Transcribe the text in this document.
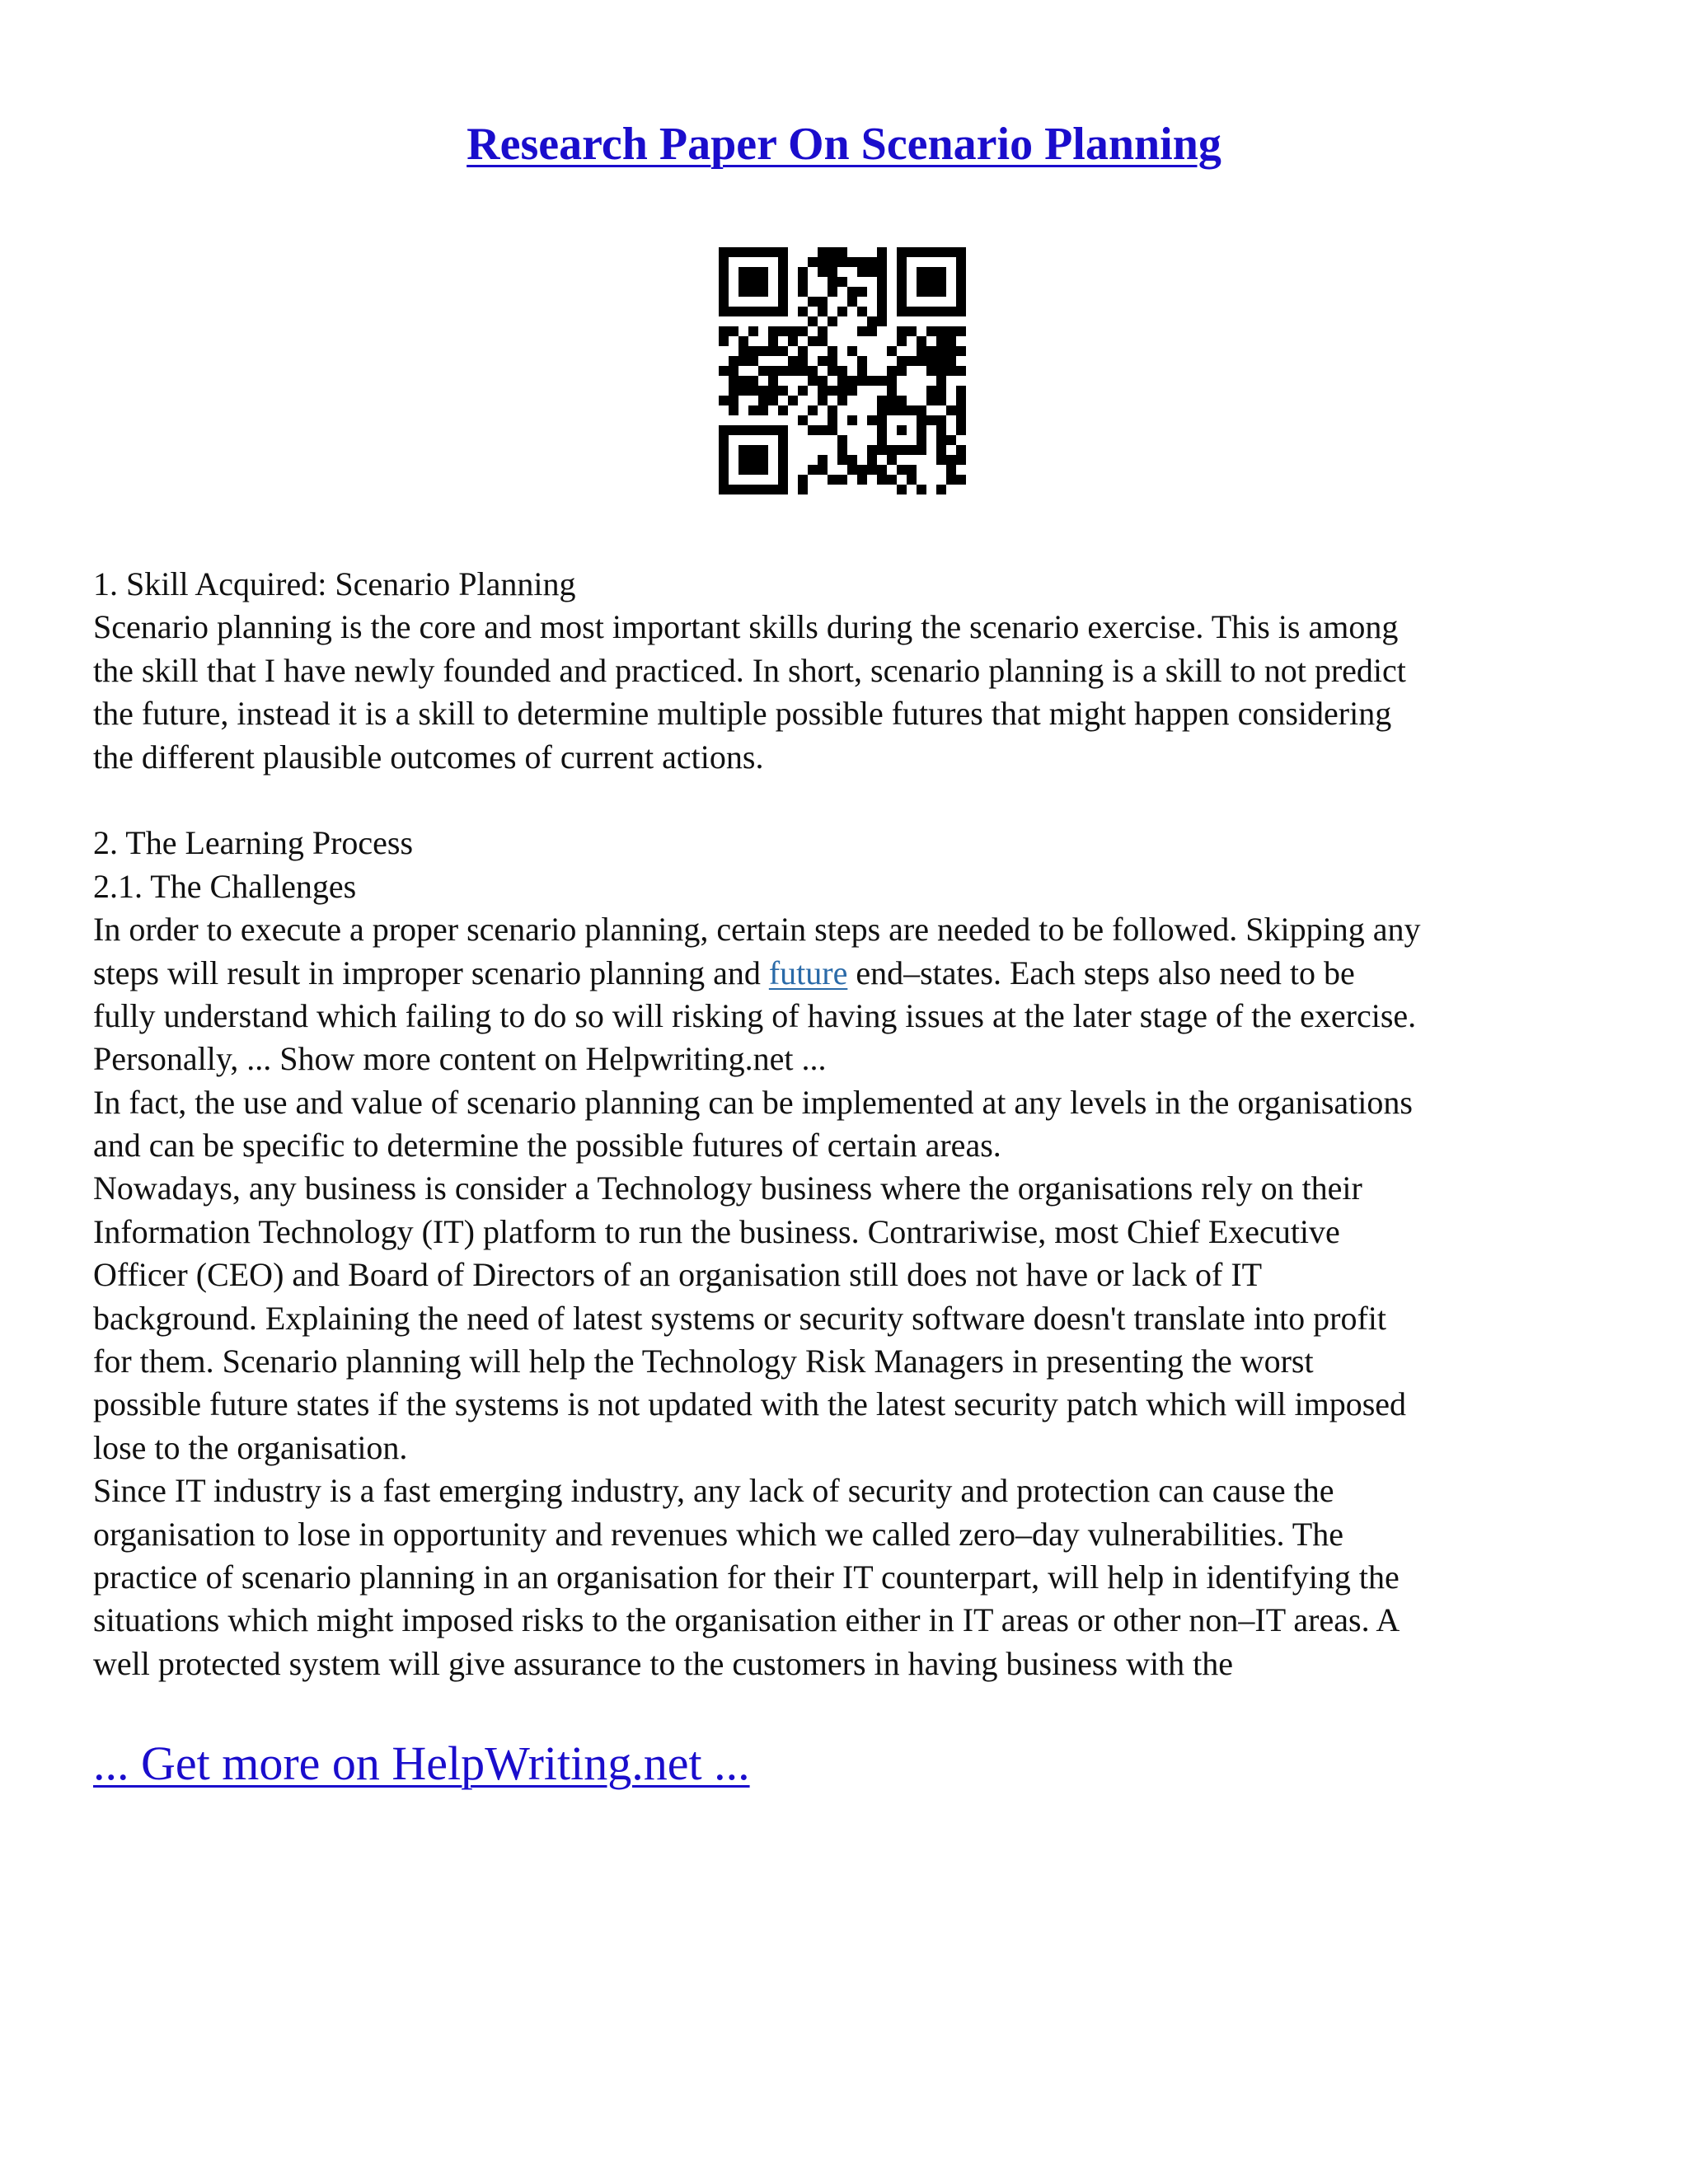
Research Paper On Scenario Planning
1. Skill Acquired: Scenario Planning
Scenario planning is the core and most important skills during the scenario exercise. This is among
the skill that I have newly founded and practiced. In short, scenario planning is a skill to not predict
the future, instead it is a skill to determine multiple possible futures that might happen considering
the different plausible outcomes of current actions.
2. The Learning Process
2.1. The Challenges
In order to execute a proper scenario planning, certain steps are needed to be followed. Skipping any
steps will result in improper scenario planning and future end–states. Each steps also need to be
fully understand which failing to do so will risking of having issues at the later stage of the exercise.
Personally, ... Show more content on Helpwriting.net ...
In fact, the use and value of scenario planning can be implemented at any levels in the organisations
and can be specific to determine the possible futures of certain areas.
Nowadays, any business is consider a Technology business where the organisations rely on their
Information Technology (IT) platform to run the business. Contrariwise, most Chief Executive
Officer (CEO) and Board of Directors of an organisation still does not have or lack of IT
background. Explaining the need of latest systems or security software doesn't translate into profit
for them. Scenario planning will help the Technology Risk Managers in presenting the worst
possible future states if the systems is not updated with the latest security patch which will imposed
lose to the organisation.
Since IT industry is a fast emerging industry, any lack of security and protection can cause the
organisation to lose in opportunity and revenues which we called zero–day vulnerabilities. The
practice of scenario planning in an organisation for their IT counterpart, will help in identifying the
situations which might imposed risks to the organisation either in IT areas or other non–IT areas. A
well protected system will give assurance to the customers in having business with the
... Get more on HelpWriting.net ...
